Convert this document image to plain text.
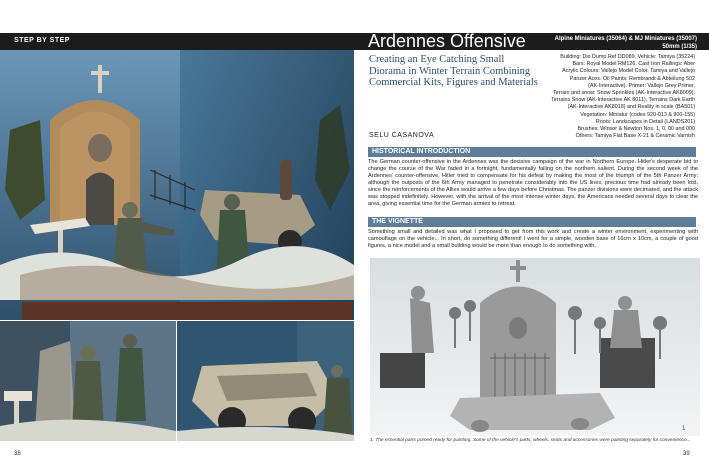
STEP BY STEP	Ardennes Offensive	Alpine Miniatures (35064) & MJ Miniatures (35007)
50mm (1/35)
Creating an Eye Catching Small Diorama in Winter Terrain Combining Commercial Kits, Figures and Materials
SELU CASANOVA
Building: Dio Dump Ref DD089. Vehicle: Tamiya (35224)
Bars: Royal Model RM126. Cast Iron Railings: Aber
Acrylic Colours: Vallejo Model Color, Tamiya and Vallejo
Panzer Aces. Oil Paints: Rembrandt & Abteilung 502
(AK-Interactive). Primer: Vallejo Grey Primer.
Terrain and snow: Snow Sprinkles (AK-Interactive AK8009),
Terrains Snow (AK-Interactive AK 8011), Terrains Dark Earth
(AK-Interactive AK8018) and Reality in scale (BA501)
Vegetation: Miniatur (codes 920-013 & 900-155)
Roots: Landscapes in Detail (LANDS201)
Brushes: Winsor & Newton Nos. 1, 0, 00 and 000
Others: Tamiya Flat Base X-21 & Ceramic Varnish
HISTORICAL INTRODUCTION
The German counter-offensive in the Ardennes was the decisive campaign of the war in Northern Europe. Hitler's desperate bid to change the course of the War faded in a fortnight, fundamentally failing on the northern salient. During the second week of the Ardennes' counter-offensive, Hitler tried to compensate for his defeat by making the most of the triumph of the 5th Panzer Army; although the outposts of the 6th Army managed to penetrate considerably into the US lines, precious time had already been lost, since the reinforcements of the Allies would arrive a few days before Christmas. The panzer divisions were decimated, and the attack was stopped indefinitely. However, with the arrival of the most intense winter days, the Americans needed several days to clear the area, giving essential time for the German armies to retreat.
THE VIGNETTE
Something small and detailed was what I proposed to get from this work and create a winter environment, experimenting with camouflage on the vehicle... In short, do something different! I went for a simple, wooden base of 16cm x 10cm, a couple of good figures, a nice model and a small building would be more than enough to do something with.
1
1. The essential parts primed ready for painting. Some of the vehicle's parts, wheels, seats and accessories were painting separately for convenience...
38	39
